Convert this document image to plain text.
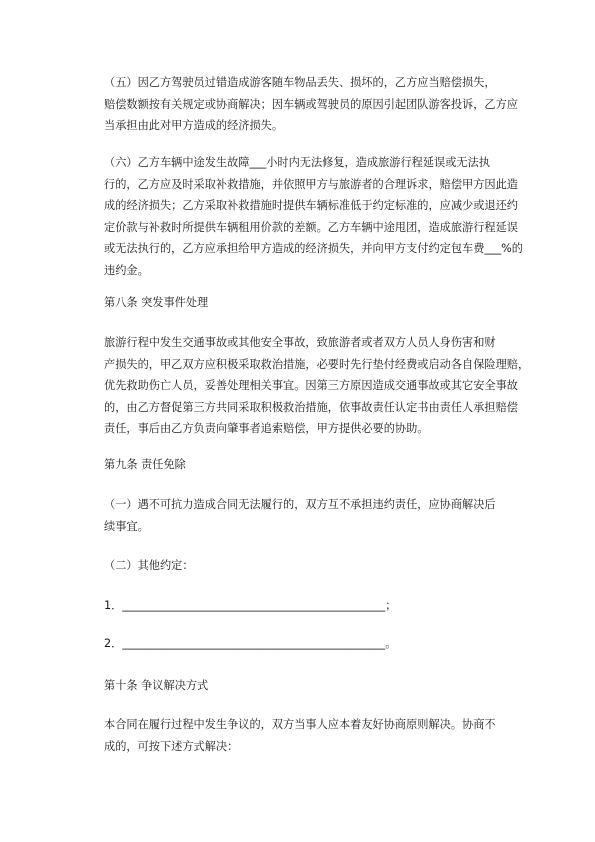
（五）因乙方驾驶员过错造成游客随车物品丢失、损坏的，乙方应当赔偿损失，
赔偿数额按有关规定或协商解决；因车辆或驾驶员的原因引起团队游客投诉，乙方应
当承担由此对甲方造成的经济损失。
（六）乙方车辆中途发生故障___小时内无法修复，造成旅游行程延误或无法执
行的，乙方应及时采取补救措施，并依照甲方与旅游者的合理诉求，赔偿甲方因此造
成的经济损失；乙方采取补救措施时提供车辆标准低于约定标准的，应减少或退还约
定价款与补救时所提供车辆租用价款的差额。乙方车辆中途甩团，造成旅游行程延误
或无法执行的，乙方应承担给甲方造成的经济损失，并向甲方支付约定包车费___%的
违约金。
第八条 突发事件处理
旅游行程中发生交通事故或其他安全事故，致旅游者或者双方人员人身伤害和财
产损失的，甲乙双方应积极采取救治措施，必要时先行垫付经费或启动各自保险理赔，
优先救助伤亡人员，妥善处理相关事宜。因第三方原因造成交通事故或其它安全事故
的，由乙方督促第三方共同采取积极救治措施，依事故责任认定书由责任人承担赔偿
责任，事后由乙方负责向肇事者追索赔偿，甲方提供必要的协助。
第九条 责任免除
（一）遇不可抗力造成合同无法履行的，双方互不承担违约责任，应协商解决后
续事宜。
（二）其他约定：
1．_______________________________________________；
2．_______________________________________________。
第十条 争议解决方式
本合同在履行过程中发生争议的，双方当事人应本着友好协商原则解决。协商不
成的，可按下述方式解决：
